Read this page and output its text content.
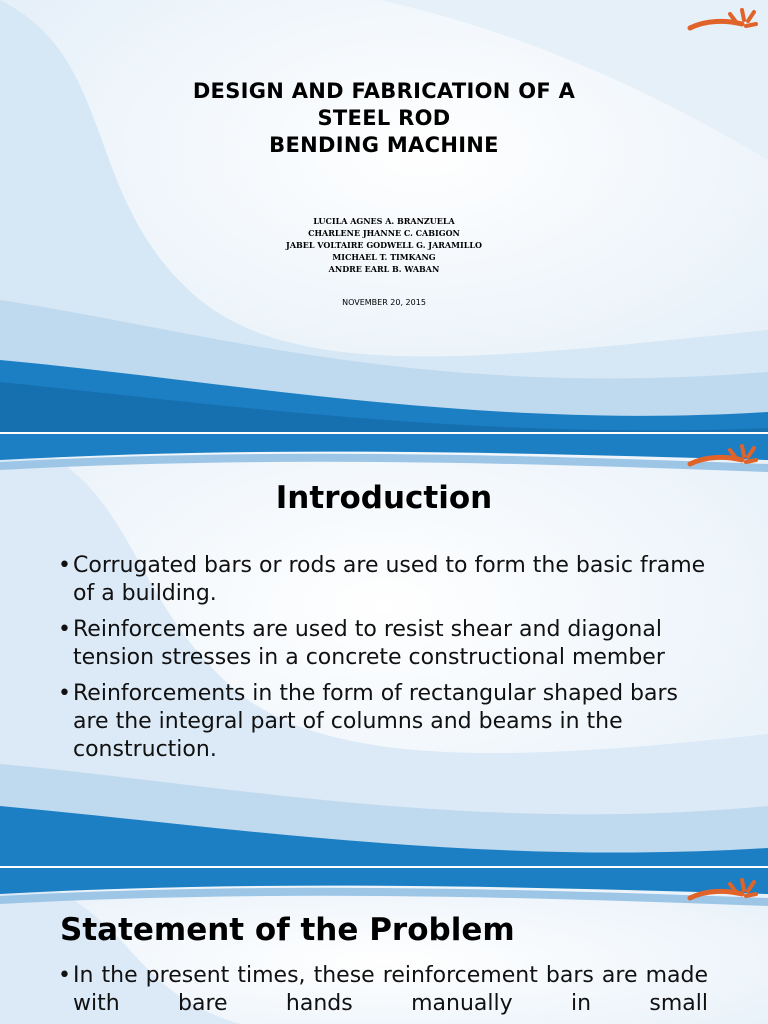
DESIGN AND FABRICATION OF A
STEEL ROD
BENDING MACHINE
LUCILA AGNES A. BRANZUELA
CHARLENE JHANNE C. CABIGON
JABEL VOLTAIRE GODWELL G. JARAMILLO
MICHAEL T. TIMKANG
ANDRE EARL B. WABAN
NOVEMBER 20, 2015
Introduction
• Corrugated bars or rods are used to form the basic frame of a building.
• Reinforcements are used to resist shear and diagonal tension stresses in a concrete constructional member
• Reinforcements in the form of rectangular shaped bars are the integral part of columns and beams in the construction.
Statement of the Problem
• In the present times, these reinforcement bars are made with bare hands manually in small
